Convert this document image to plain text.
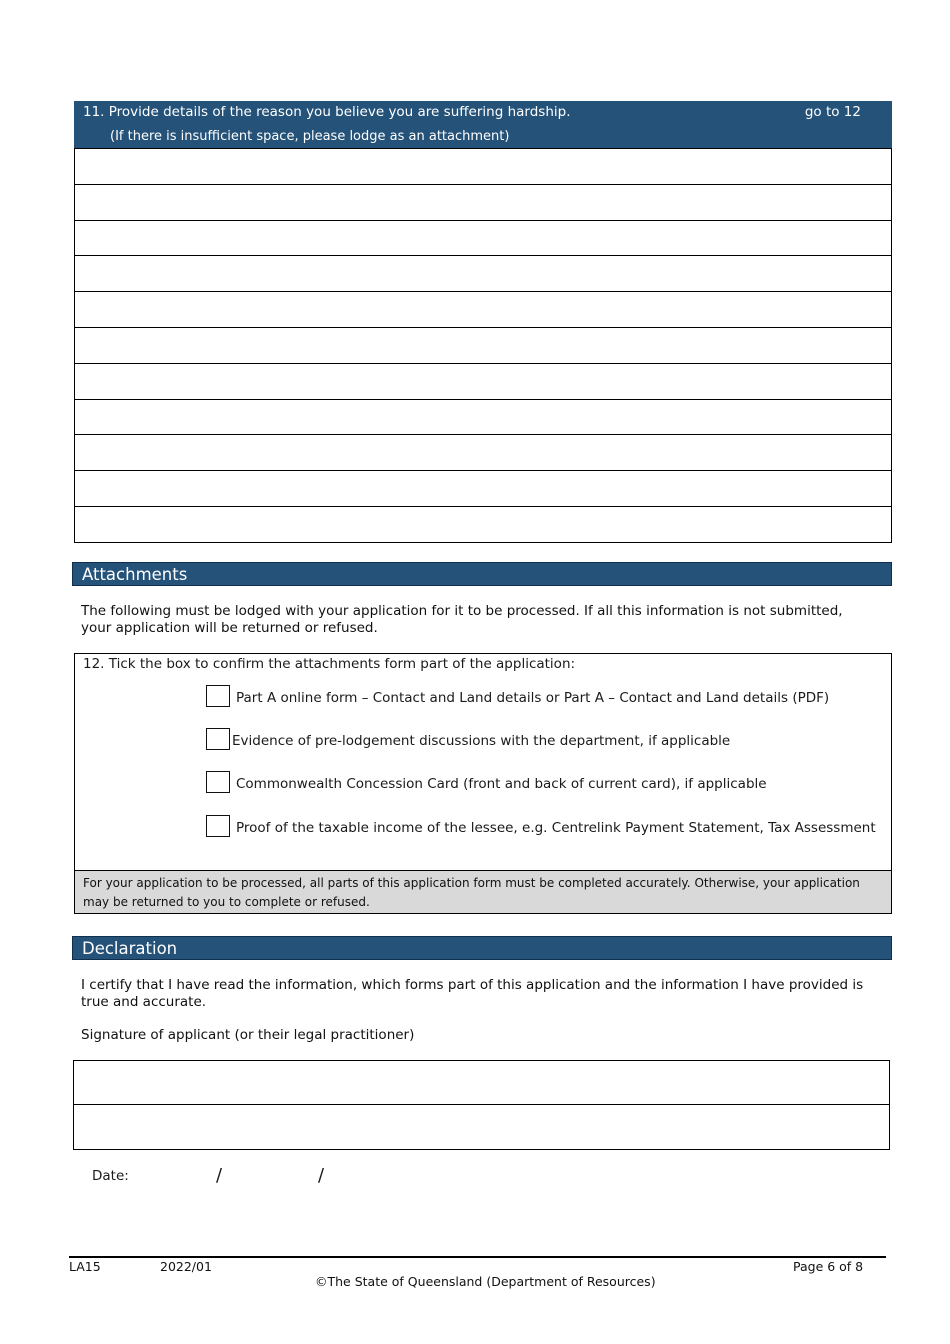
11. Provide details of the reason you believe you are suffering hardship.	go to 12
(If there is insufficient space, please lodge as an attachment)
Attachments
The following must be lodged with your application for it to be processed. If all this information is not submitted, your application will be returned or refused.
12. Tick the box to confirm the attachments form part of the application:
Part A online form – Contact and Land details or Part A – Contact and Land details (PDF)
Evidence of pre-lodgement discussions with the department, if applicable
Commonwealth Concession Card (front and back of current card), if applicable
Proof of the taxable income of the lessee, e.g. Centrelink Payment Statement, Tax Assessment
For your application to be processed, all parts of this application form must be completed accurately. Otherwise, your application may be returned to you to complete or refused.
Declaration
I certify that I have read the information, which forms part of this application and the information I have provided is true and accurate.
Signature of applicant (or their legal practitioner)
Date:	/	/
LA15	2022/01	Page 6 of 8
©The State of Queensland (Department of Resources)
